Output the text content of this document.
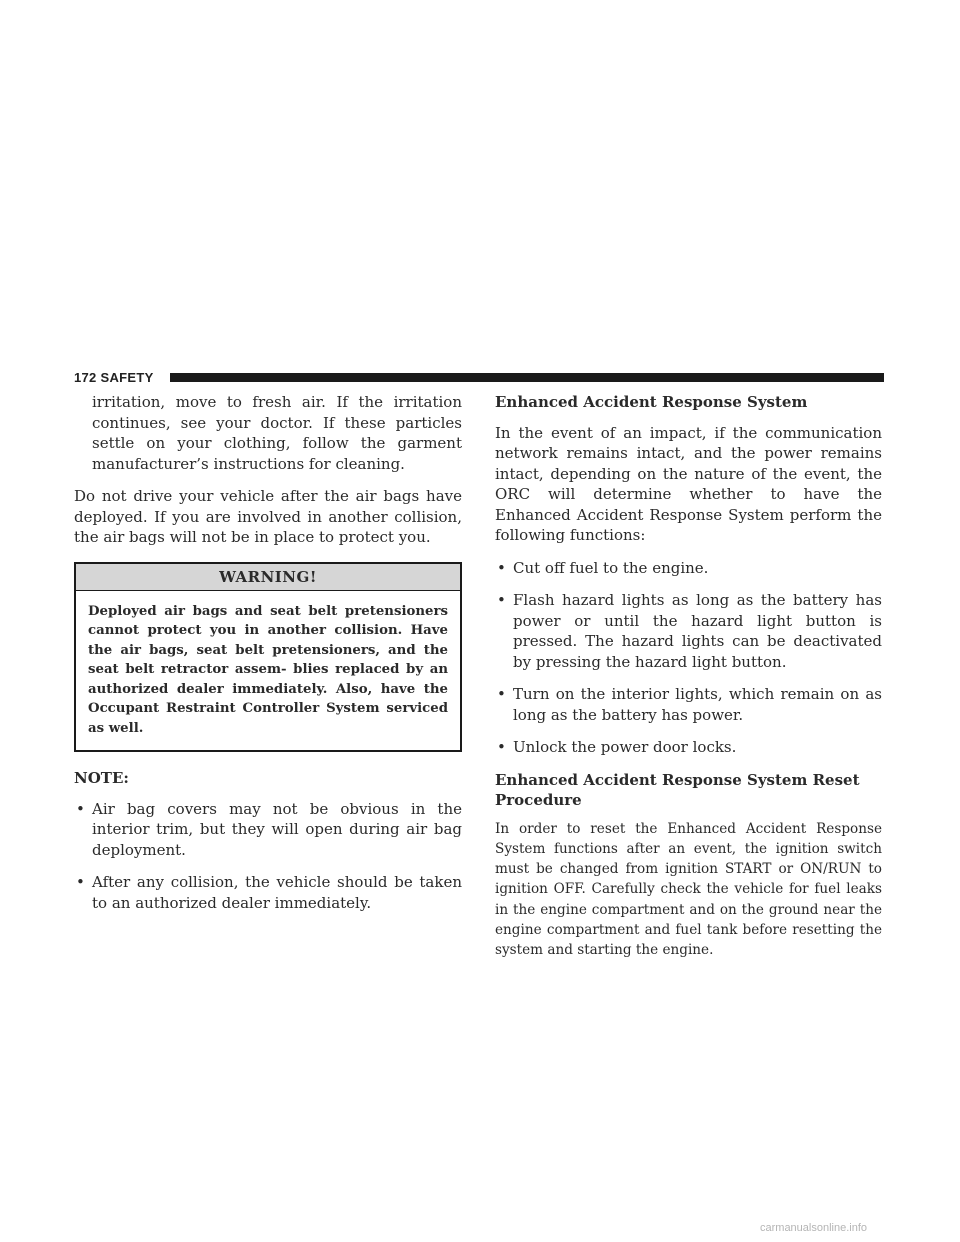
172 SAFETY

irritation, move to fresh air. If the irritation continues, see your doctor. If these particles settle on your clothing, follow the garment manufacturer’s instructions for cleaning.

Do not drive your vehicle after the air bags have deployed. If you are involved in another collision, the air bags will not be in place to protect you.

WARNING!
Deployed air bags and seat belt pretensioners cannot protect you in another collision. Have the air bags, seat belt pretensioners, and the seat belt retractor assem- blies replaced by an authorized dealer immediately. Also, have the Occupant Restraint Controller System serviced as well.

NOTE:

• Air bag covers may not be obvious in the interior trim, but they will open during air bag deployment.
• After any collision, the vehicle should be taken to an authorized dealer immediately.

Enhanced Accident Response System

In the event of an impact, if the communication network remains intact, and the power remains intact, depending on the nature of the event, the ORC will determine whether to have the Enhanced Accident Response System perform the following functions:

• Cut off fuel to the engine.
• Flash hazard lights as long as the battery has power or until the hazard light button is pressed. The hazard lights can be deactivated by pressing the hazard light button.
• Turn on the interior lights, which remain on as long as the battery has power.
• Unlock the power door locks.

Enhanced Accident Response System Reset
Procedure

In order to reset the Enhanced Accident Response System functions after an event, the ignition switch must be changed from ignition START or ON/RUN to ignition OFF. Carefully check the vehicle for fuel leaks in the engine compartment and on the ground near the engine compartment and fuel tank before resetting the system and starting the engine.

carmanualsonline.info
